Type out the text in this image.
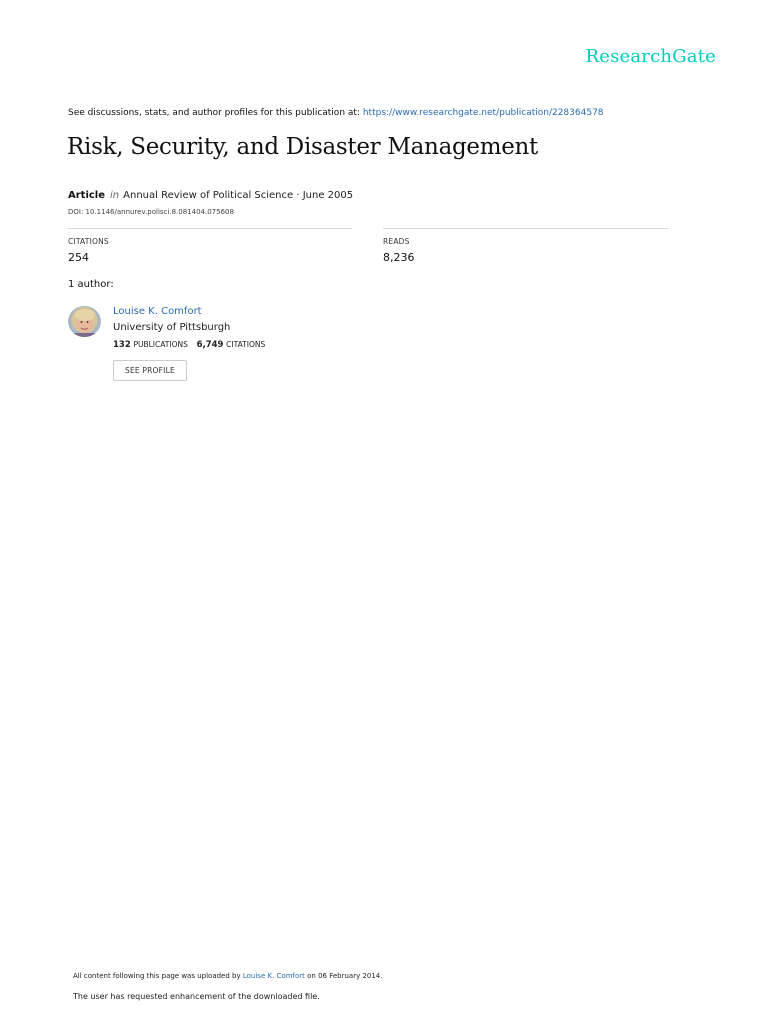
ResearchGate
See discussions, stats, and author profiles for this publication at: https://www.researchgate.net/publication/228364578
Risk, Security, and Disaster Management
Article in Annual Review of Political Science · June 2005
DOI: 10.1146/annurev.polisci.8.081404.075608
CITATIONS
254
READS
8,236
1 author:
Louise K. Comfort
University of Pittsburgh
132 PUBLICATIONS 6,749 CITATIONS
SEE PROFILE
All content following this page was uploaded by Louise K. Comfort on 06 February 2014.
The user has requested enhancement of the downloaded file.
